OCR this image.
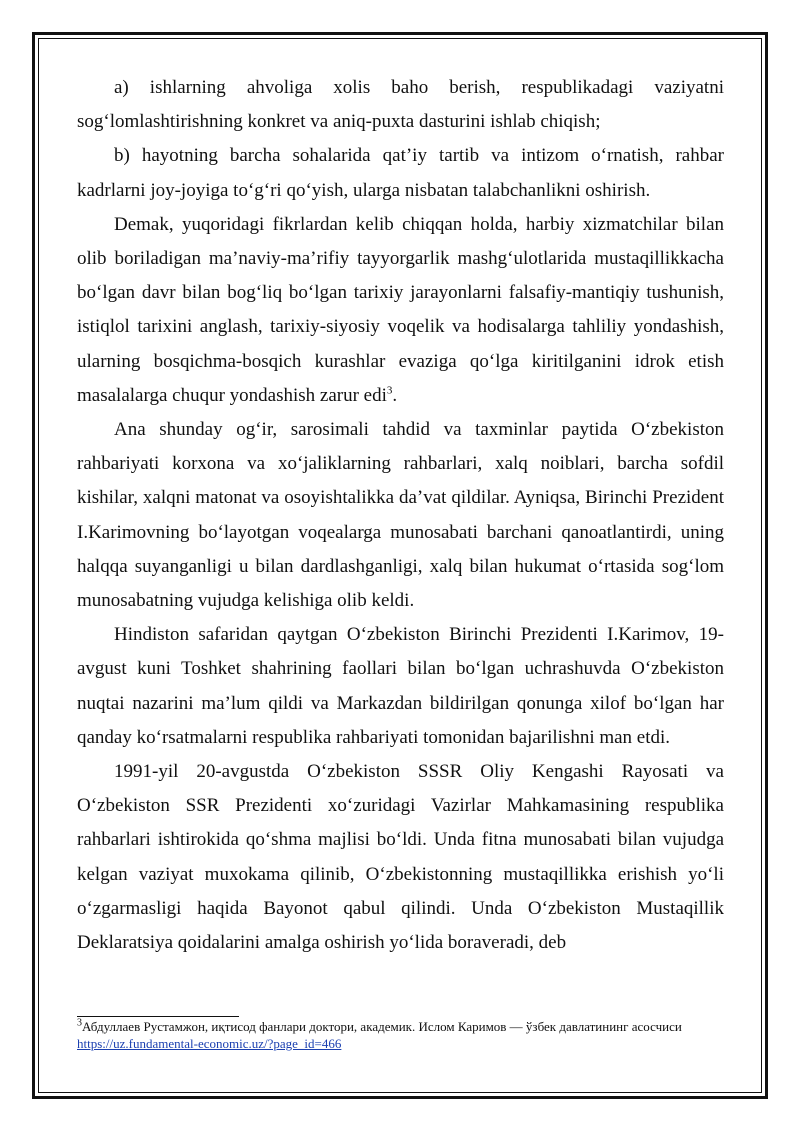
a) ishlarning ahvoliga xolis baho berish, respublikadagi vaziyatni sog‘lomlashtirishning konkret va aniq-puxta dasturini ishlab chiqish;

b) hayotning barcha sohalarida qat’iy tartib va intizom o‘rnatish, rahbar kadrlarni joy-joyiga to‘g‘ri qo‘yish, ularga nisbatan talabchanlikni oshirish.

Demak, yuqoridagi fikrlardan kelib chiqqan holda, harbiy xizmatchilar bilan olib boriladigan ma’naviy-ma’rifiy tayyorgarlik mashg‘ulotlarida mustaqillikkacha bo‘lgan davr bilan bog‘liq bo‘lgan tarixiy jarayonlarni falsafiy-mantiqiy tushunish, istiqlol tarixini anglash, tarixiy-siyosiy voqelik va hodisalarga tahliliy yondashish, ularning bosqichma-bosqich kurashlar evaziga qo‘lga kiritilganini idrok etish masalalarga chuqur yondashish zarur edi$^3$.

Ana shunday og‘ir, sarosimali tahdid va taxminlar paytida O‘zbekiston rahbariyati korxona va xo‘jaliklarning rahbarlari, xalq noiblari, barcha sofdil kishilar, xalqni matonat va osoyishtalikka da’vat qildilar. Ayniqsa, Birinchi Prezident I.Karimovning bo‘layotgan voqealarga munosabati barchani qanoatlantirdi, uning halqqa suyanganligi u bilan dardlashganligi, xalq bilan hukumat o‘rtasida sog‘lom munosabatning vujudga kelishiga olib keldi.

Hindiston safaridan qaytgan O‘zbekiston Birinchi Prezidenti I.Karimov, 19-avgust kuni Toshket shahrining faollari bilan bo‘lgan uchrashuvda O‘zbekiston nuqtai nazarini ma’lum qildi va Markazdan bildirilgan qonunga xilof bo‘lgan har qanday ko‘rsatmalarni respublika rahbariyati tomonidan bajarilishni man etdi.

1991-yil 20-avgustda O‘zbekiston SSSR Oliy Kengashi Rayosati va O‘zbekiston SSR Prezidenti xo‘zuridagi Vazirlar Mahkamasining respublika rahbarlari ishtirokida qo‘shma majlisi bo‘ldi. Unda fitna munosabati bilan vujudga kelgan vaziyat muxokama qilinib, O‘zbekistonning mustaqillikka erishish yo‘li o‘zgarmasligi haqida Bayonot qabul qilindi. Unda O‘zbekiston Mustaqillik Deklaratsiya qoidalarini amalga oshirish yo‘lida boraveradi, deb

$^3$Абдуллаев Рустамжон, иқтисод фанлари доктори, академик. Ислом Каримов — ўзбек давлатининг асосчиси
https://uz.fundamental-economic.uz/?page_id=466
